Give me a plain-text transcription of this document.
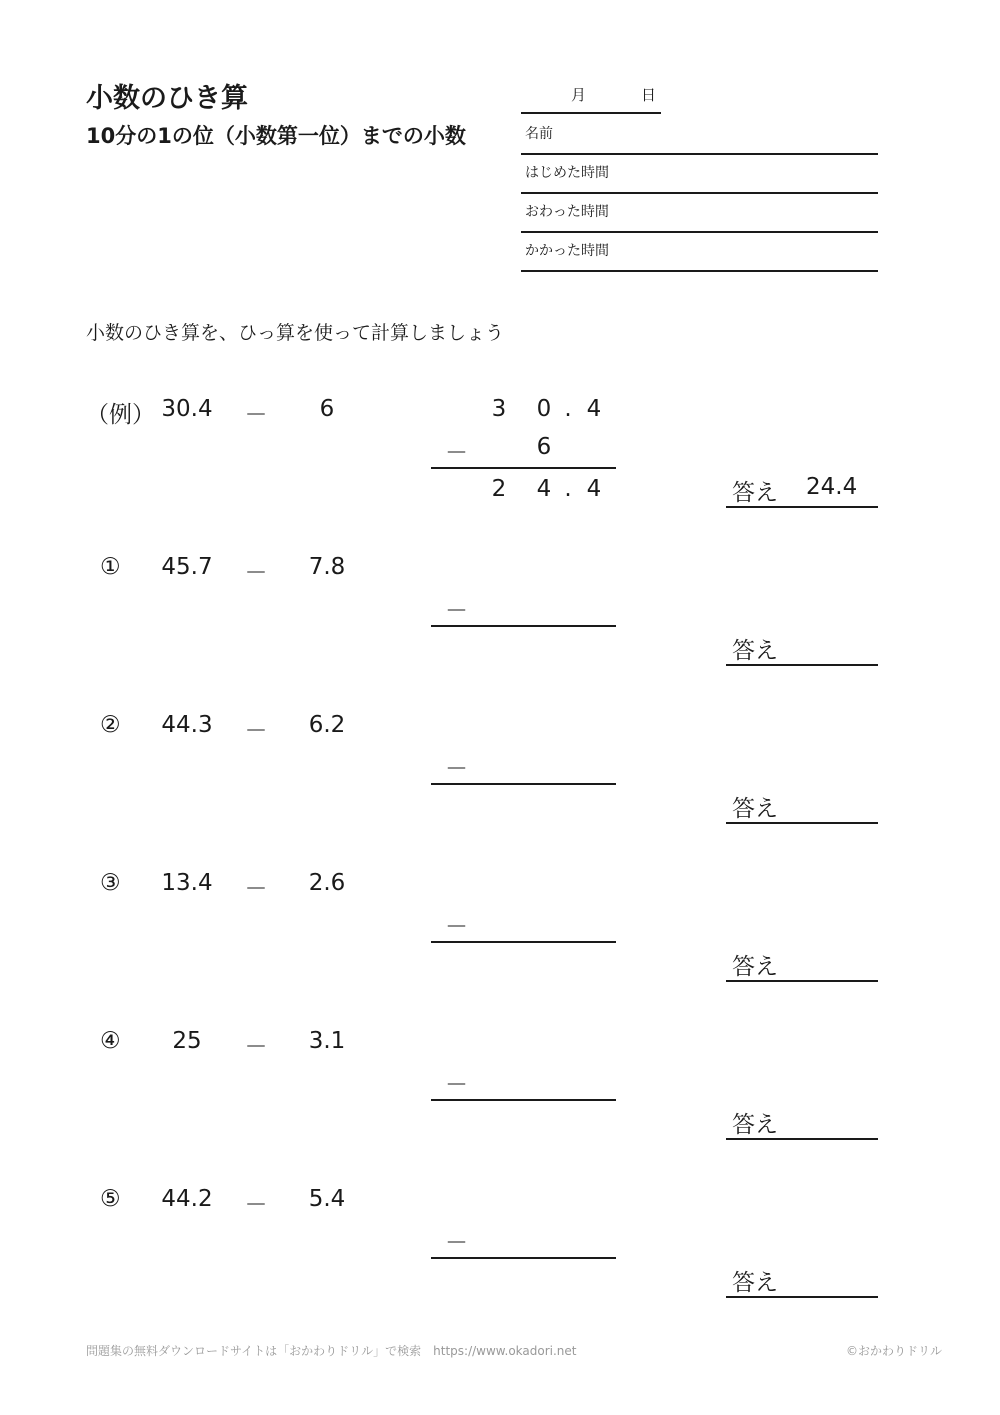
小数のひき算
10分の1の位（小数第一位）までの小数
月	日
名前
はじめた時間
おわった時間
かかった時間
小数のひき算を、ひっ算を使って計算しましょう
（例） 30.4	－	6	3 0 . 4
－	6
2 4 . 4	答え 24.4
①	45.7	－	7.8
－
答え
②	44.3	－	6.2
－
答え
③	13.4	－	2.6
－
答え
④	25	－	3.1
－
答え
⑤	44.2	－	5.4
－
答え
問題集の無料ダウンロードサイトは「おかわりドリル」で検索　https://www.okadori.net	©おかわりドリル
